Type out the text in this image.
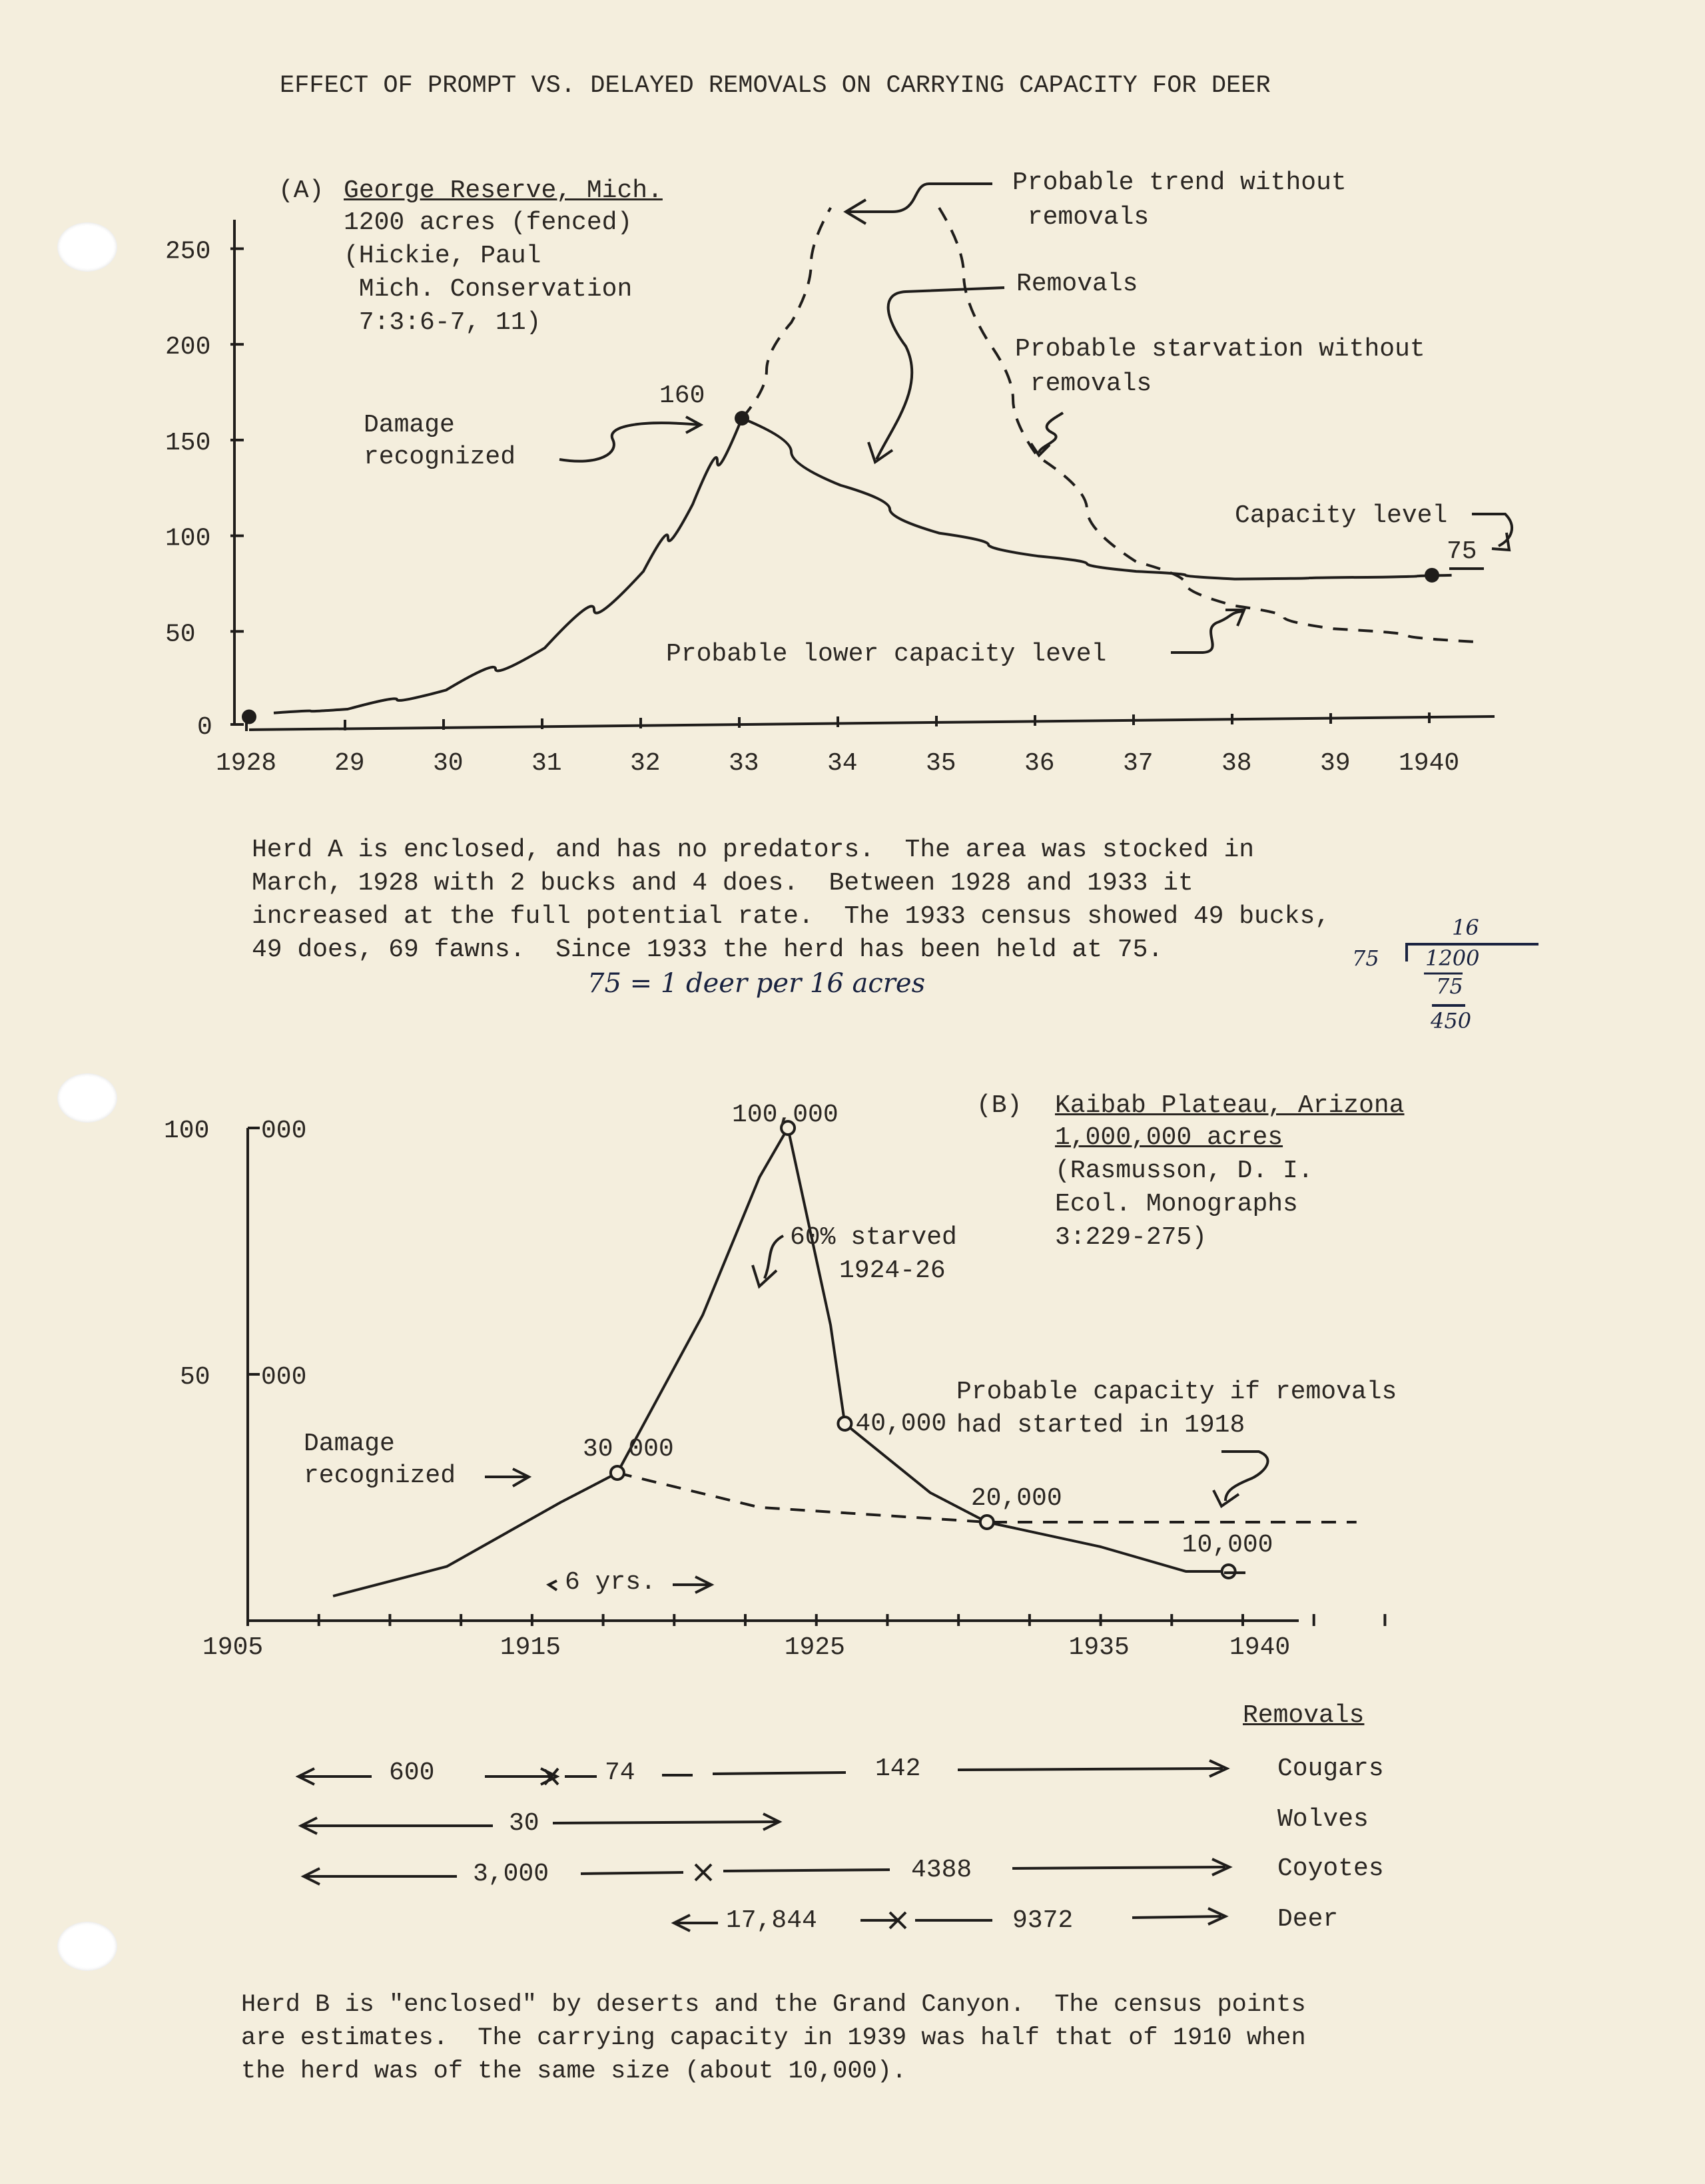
EFFECT OF PROMPT VS. DELAYED REMOVALS ON CARRYING CAPACITY FOR DEER
(A) George Reserve, Mich.
1200 acres (fenced)
(Hickie, Paul
Mich. Conservation
7:3:6-7, 11)
Damage
recognized
Probable trend without
removals
Removals
Probable starvation without
removals
Capacity level
Probable lower capacity level
1928 29	30	31	32	33	34	35	36	37	38	39 1940
0
50
100
150
200
250
160
75
1905	1915	1925	1935	1940
50 000
100 000
30 000
100,000
40,000
20,000
10,000
Herd A is enclosed, and has no predators.  The area was stocked in
March, 1928 with 2 bucks and 4 does.  Between 1928 and 1933 it
increased at the full potential rate.  The 1933 census showed 49 bucks,
49 does, 69 fawns.  Since 1933 the herd has been held at 75.
75 = 1 deer per 16 acres
16
75 1200
75
450
(B) Kaibab Plateau, Arizona
1,000,000 acres
(Rasmusson, D. I.
Ecol. Monographs
3:229-275)
Damage
recognized
60% starved
1924-26
Probable capacity if removals
had started in 1918
6 yrs.
Removals
600	74	142	Cougars
30	Wolves
3,000	4388	Coyotes
17,844	9372	Deer
Herd B is "enclosed" by deserts and the Grand Canyon.  The census points
are estimates.  The carrying capacity in 1939 was half that of 1910 when
the herd was of the same size (about 10,000).
